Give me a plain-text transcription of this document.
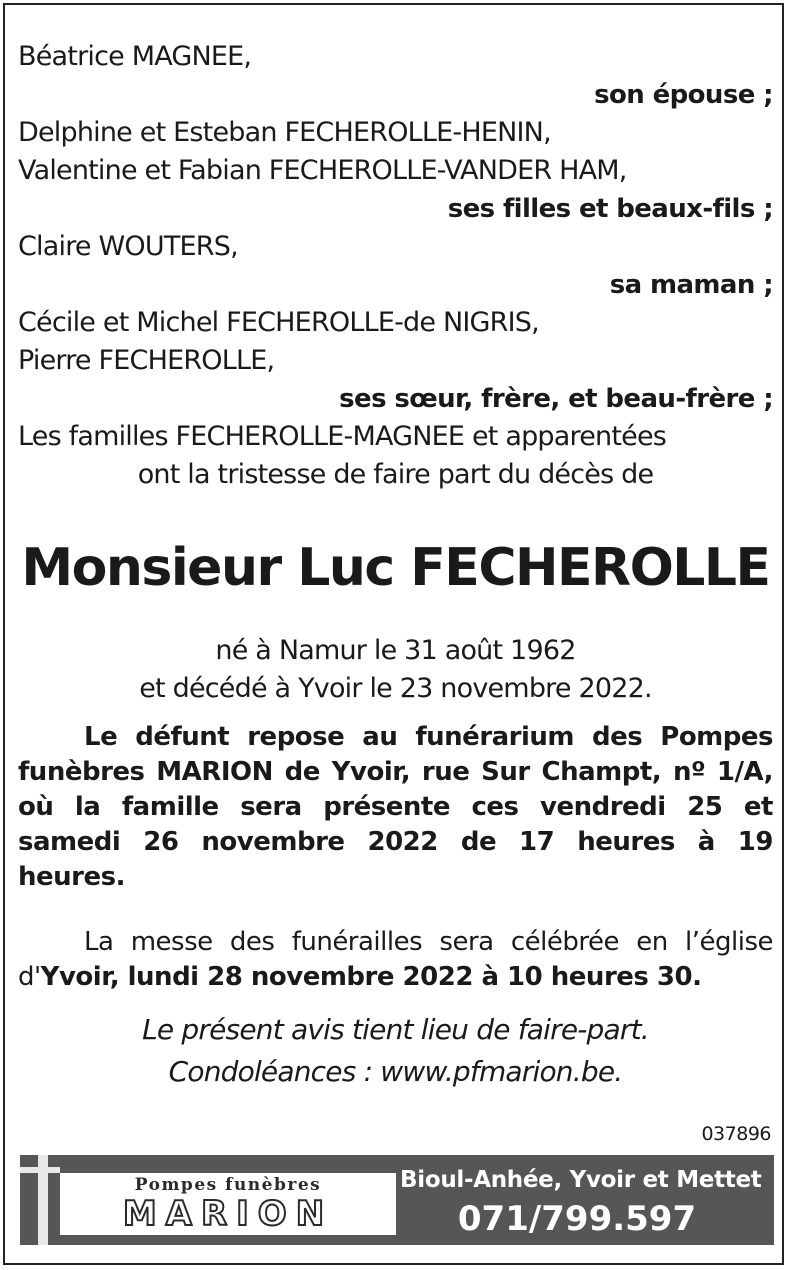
Béatrice MAGNEE,
son épouse ;
Delphine et Esteban FECHEROLLE-HENIN,
Valentine et Fabian FECHEROLLE-VANDER HAM,
ses filles et beaux-fils ;
Claire WOUTERS,
sa maman ;
Cécile et Michel FECHEROLLE-de NIGRIS,
Pierre FECHEROLLE,
ses sœur, frère, et beau-frère ;
Les familles FECHEROLLE-MAGNEE et apparentées
ont la tristesse de faire part du décès de
Monsieur Luc FECHEROLLE
né à Namur le 31 août 1962
et décédé à Yvoir le 23 novembre 2022.
Le défunt repose au funérarium des Pompes funèbres MARION de Yvoir, rue Sur Champt, nº 1/A, où la famille sera présente ces vendredi 25 et samedi 26 novembre 2022 de 17 heures à 19 heures.
La messe des funérailles sera célébrée en l’église d'Yvoir, lundi 28 novembre 2022 à 10 heures 30.
Le présent avis tient lieu de faire-part.
Condoléances : www.pfmarion.be.
037896
Pompes funèbres
MARION
Bioul-Anhée, Yvoir et Mettet
071/799.597
